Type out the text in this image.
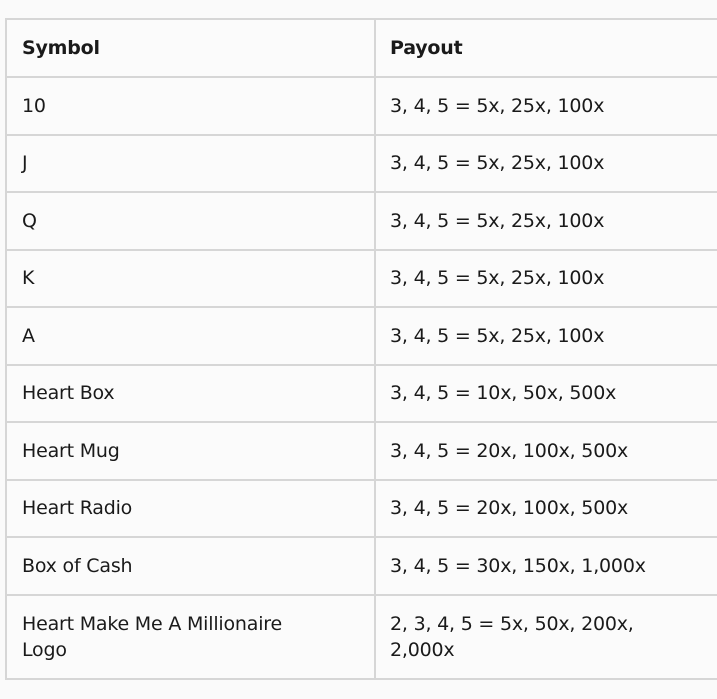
Symbol	Payout
10	3, 4, 5 = 5x, 25x, 100x
J	3, 4, 5 = 5x, 25x, 100x
Q	3, 4, 5 = 5x, 25x, 100x
K	3, 4, 5 = 5x, 25x, 100x
A	3, 4, 5 = 5x, 25x, 100x
Heart Box	3, 4, 5 = 10x, 50x, 500x
Heart Mug	3, 4, 5 = 20x, 100x, 500x
Heart Radio	3, 4, 5 = 20x, 100x, 500x
Box of Cash	3, 4, 5 = 30x, 150x, 1,000x
Heart Make Me A Millionaire Logo	2, 3, 4, 5 = 5x, 50x, 200x, 2,000x
